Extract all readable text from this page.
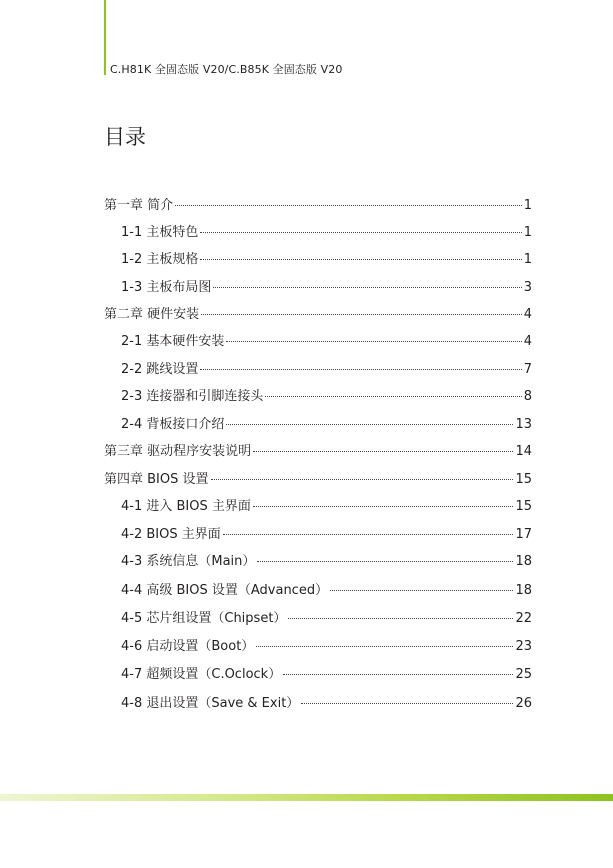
C.H81K 全固态版 V20/C.B85K 全固态版 V20
目录
第一章 简介	1
1-1 主板特色	1
1-2 主板规格	1
1-3 主板布局图	3
第二章 硬件安装	4
2-1 基本硬件安装	4
2-2 跳线设置	7
2-3 连接器和引脚连接头	8
2-4 背板接口介绍	13
第三章 驱动程序安装说明	14
第四章 BIOS 设置	15
4-1 进入 BIOS 主界面	15
4-2 BIOS 主界面	17
4-3 系统信息（Main）	18
4-4 高级 BIOS 设置（Advanced）	18
4-5 芯片组设置（Chipset）	22
4-6 启动设置（Boot）	23
4-7 超频设置（C.Oclock）	25
4-8 退出设置（Save & Exit）	26
